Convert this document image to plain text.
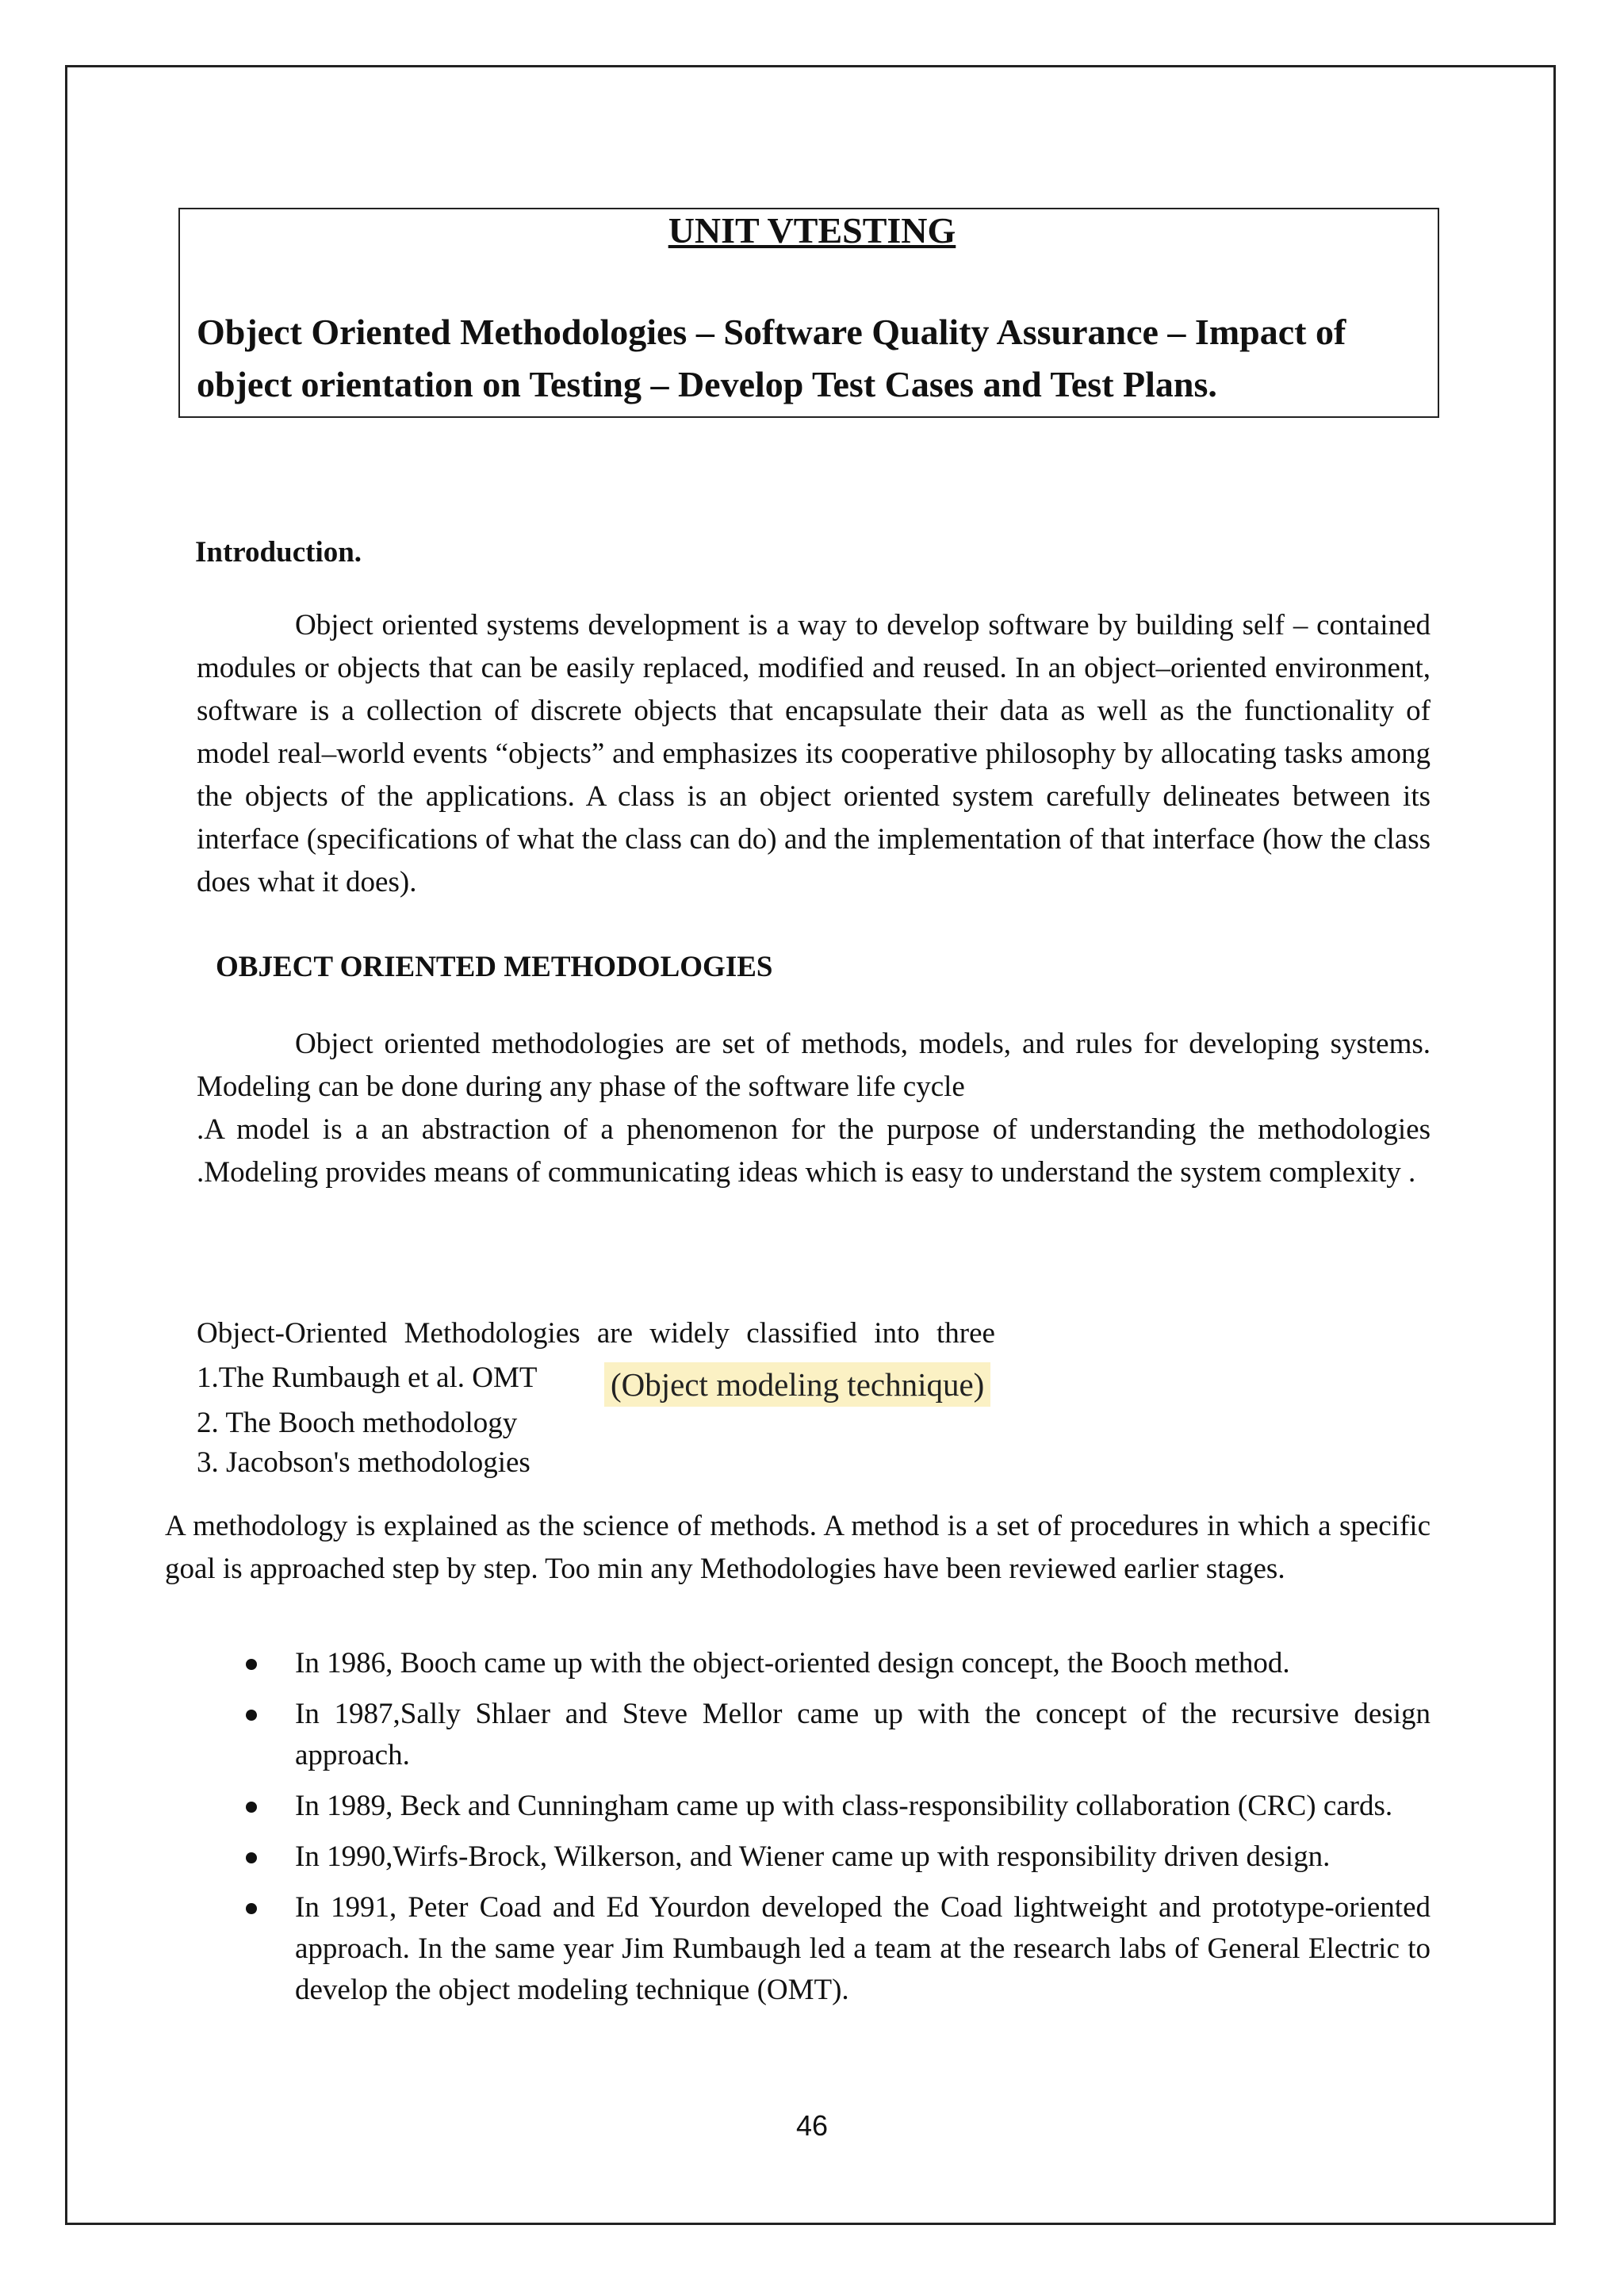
UNIT VTESTING
Object Oriented Methodologies – Software Quality Assurance – Impact of object orientation on Testing – Develop Test Cases and Test Plans.
Introduction.
Object oriented systems development is a way to develop software by building self – contained modules or objects that can be easily replaced, modified and reused. In an object–oriented environment, software is a collection of discrete objects that encapsulate their data as well as the functionality of model real–world events “objects” and emphasizes its cooperative philosophy by allocating tasks among the objects of the applications. A class is an object oriented system carefully delineates between its interface (specifications of what the class can do) and the implementation of that interface (how the class does what it does).
OBJECT ORIENTED METHODOLOGIES
Object oriented methodologies are set of methods, models, and rules for developing systems. Modeling can be done during any phase of the software life cycle
.A model is a an abstraction of a phenomenon for the purpose of understanding the methodologies .Modeling provides means of communicating ideas which is easy to understand the system complexity .
Object-Oriented Methodologies are widely classified into three
1.The Rumbaugh et al. OMT (Object modeling technique)
2. The Booch methodology
3. Jacobson's methodologies
A methodology is explained as the science of methods. A method is a set of procedures in which a specific goal is approached step by step. Too min any Methodologies have been reviewed earlier stages.
In 1986, Booch came up with the object-oriented design concept, the Booch method.
In 1987,Sally Shlaer and Steve Mellor came up with the concept of the recursive design approach.
In 1989, Beck and Cunningham came up with class-responsibility collaboration (CRC) cards.
In 1990,Wirfs-Brock, Wilkerson, and Wiener came up with responsibility driven design.
In 1991, Peter Coad and Ed Yourdon developed the Coad lightweight and prototype-oriented approach. In the same year Jim Rumbaugh led a team at the research labs of General Electric to develop the object modeling technique (OMT).
46
